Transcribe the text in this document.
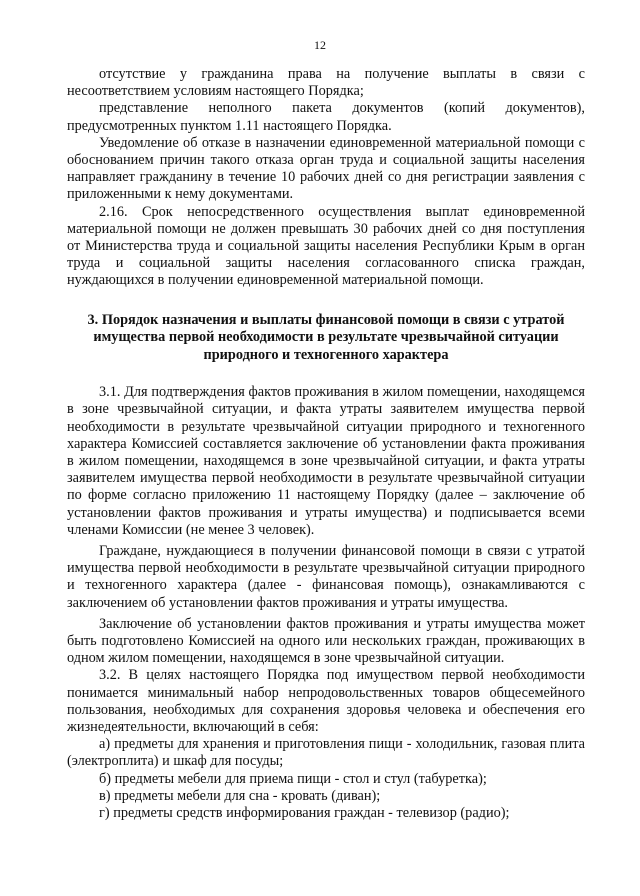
12

отсутствие у гражданина права на получение выплаты в связи с несоответствием условиям настоящего Порядка;

представление неполного пакета документов (копий документов), предусмотренных пунктом 1.11 настоящего Порядка.

Уведомление об отказе в назначении единовременной материальной помощи с обоснованием причин такого отказа орган труда и социальной защиты населения направляет гражданину в течение 10 рабочих дней со дня регистрации заявления с приложенными к нему документами.

2.16. Срок непосредственного осуществления выплат единовременной материальной помощи не должен превышать 30 рабочих дней со дня поступления от Министерства труда и социальной защиты населения Республики Крым в орган труда и социальной защиты населения согласованного списка граждан, нуждающихся в получении единовременной материальной помощи.

3. Порядок назначения и выплаты финансовой помощи в связи с утратой
имущества первой необходимости в результате чрезвычайной ситуации
природного и техногенного характера

3.1. Для подтверждения фактов проживания в жилом помещении, находящемся в зоне чрезвычайной ситуации, и факта утраты заявителем имущества первой необходимости в результате чрезвычайной ситуации природного и техногенного характера Комиссией составляется заключение об установлении факта проживания в жилом помещении, находящемся в зоне чрезвычайной ситуации, и факта утраты заявителем имущества первой необходимости в результате чрезвычайной ситуации по форме согласно приложению 11 настоящему Порядку (далее – заключение об установлении фактов проживания и утраты имущества) и подписывается всеми членами Комиссии (не менее 3 человек).

Граждане, нуждающиеся в получении финансовой помощи в связи с утратой имущества первой необходимости в результате чрезвычайной ситуации природного и техногенного характера (далее - финансовая помощь), ознакамливаются с заключением об установлении фактов проживания и утраты имущества.

Заключение об установлении фактов проживания и утраты имущества может быть подготовлено Комиссией на одного или нескольких граждан, проживающих в одном жилом помещении, находящемся в зоне чрезвычайной ситуации.

3.2. В целях настоящего Порядка под имуществом первой необходимости понимается минимальный набор непродовольственных товаров общесемейного пользования, необходимых для сохранения здоровья человека и обеспечения его жизнедеятельности, включающий в себя:

а) предметы для хранения и приготовления пищи - холодильник, газовая плита (электроплита) и шкаф для посуды;

б) предметы мебели для приема пищи - стол и стул (табуретка);

в) предметы мебели для сна - кровать (диван);

г) предметы средств информирования граждан - телевизор (радио);
